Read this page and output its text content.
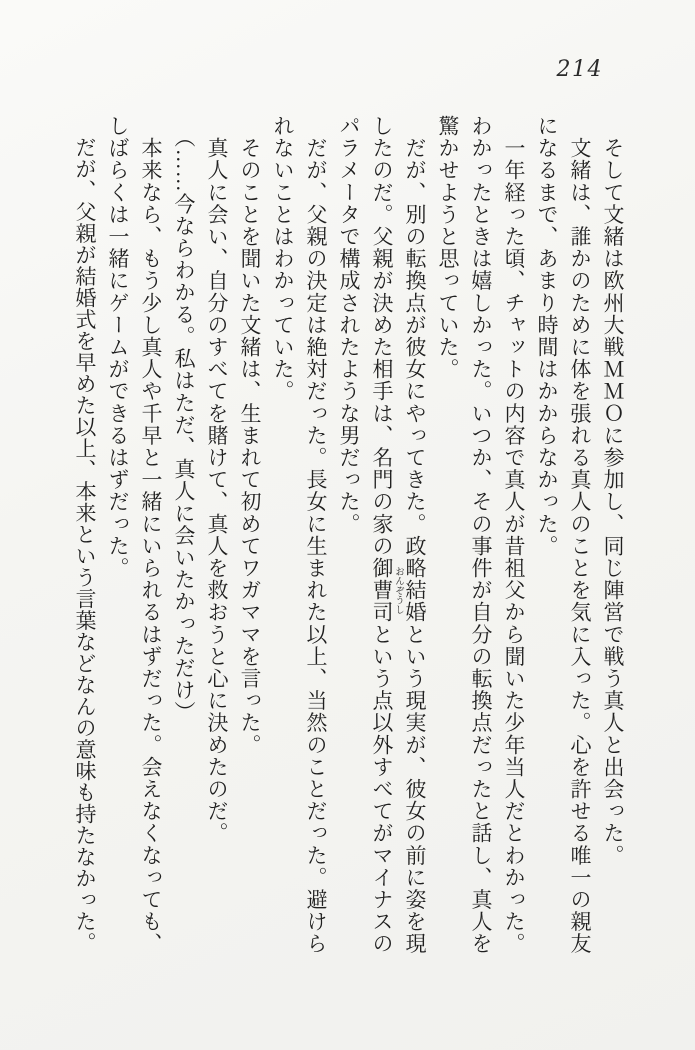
214

　そして文緒は欧州大戦ＭＭＯに参加し、同じ陣営で戦う真人と出会った。

　文緒は、誰かのために体を張れる真人のことを気に入った。心を許せる唯一の親友になるまで、あまり時間はかからなかった。

　一年経った頃、チャットの内容で真人が昔祖父から聞いた少年当人だとわかった。わかったときは嬉しかった。いつか、その事件が自分の転換点だったと話し、真人を驚かせようと思っていた。

　だが、別の転換点が彼女にやってきた。政略結婚という現実が、彼女の前に姿を現したのだ。父親が決めた相手は、名門の家の御曹司 おんぞうしという点以外すべてがマイナスのパラメータで構成されたような男だった。

　だが、父親の決定は絶対だった。長女に生まれた以上、当然のことだった。避けられないことはわかっていた。

　そのことを聞いた文緒は、生まれて初めてワガママを言った。

　真人に会い、自分のすべてを賭けて、真人を救おうと心に決めたのだ。

　（……今ならわかる。私はただ、真人に会いたかっただけ）

　本来なら、もう少し真人や千早と一緒にいられるはずだった。会えなくなっても、しばらくは一緒にゲームができるはずだった。

　だが、父親が結婚式を早めた以上、本来という言葉などなんの意味も持たなかった。
